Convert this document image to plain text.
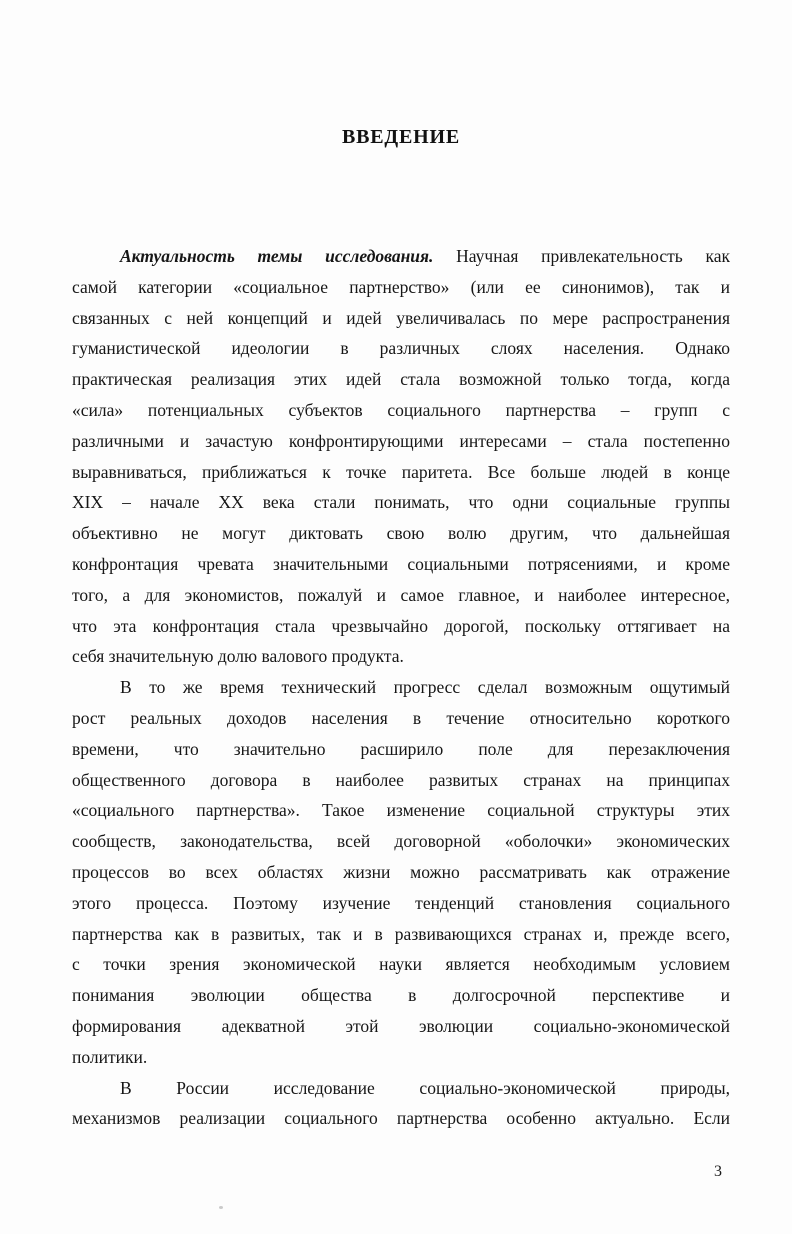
ВВЕДЕНИЕ
Актуальность темы исследования. Научная привлекательность как
самой категории «социальное партнерство» (или ее синонимов), так и
связанных с ней концепций и идей увеличивалась по мере распространения
гуманистической идеологии в различных слоях населения. Однако
практическая реализация этих идей стала возможной только тогда, когда
«сила» потенциальных субъектов социального партнерства – групп с
различными и зачастую конфронтирующими интересами – стала постепенно
выравниваться, приближаться к точке паритета. Все больше людей в конце
XIX – начале XX века стали понимать, что одни социальные группы
объективно не могут диктовать свою волю другим, что дальнейшая
конфронтация чревата значительными социальными потрясениями, и кроме
того, а для экономистов, пожалуй и самое главное, и наиболее интересное,
что эта конфронтация стала чрезвычайно дорогой, поскольку оттягивает на
себя значительную долю валового продукта.
В то же время технический прогресс сделал возможным ощутимый
рост реальных доходов населения в течение относительно короткого
времени, что значительно расширило поле для перезаключения
общественного договора в наиболее развитых странах на принципах
«социального партнерства». Такое изменение социальной структуры этих
сообществ, законодательства, всей договорной «оболочки» экономических
процессов во всех областях жизни можно рассматривать как отражение
этого процесса. Поэтому изучение тенденций становления социального
партнерства как в развитых, так и в развивающихся странах и, прежде всего,
с точки зрения экономической науки является необходимым условием
понимания эволюции общества в долгосрочной перспективе и
формирования адекватной этой эволюции социально-экономической
политики.
В России исследование социально-экономической природы,
механизмов реализации социального партнерства особенно актуально. Если
3
